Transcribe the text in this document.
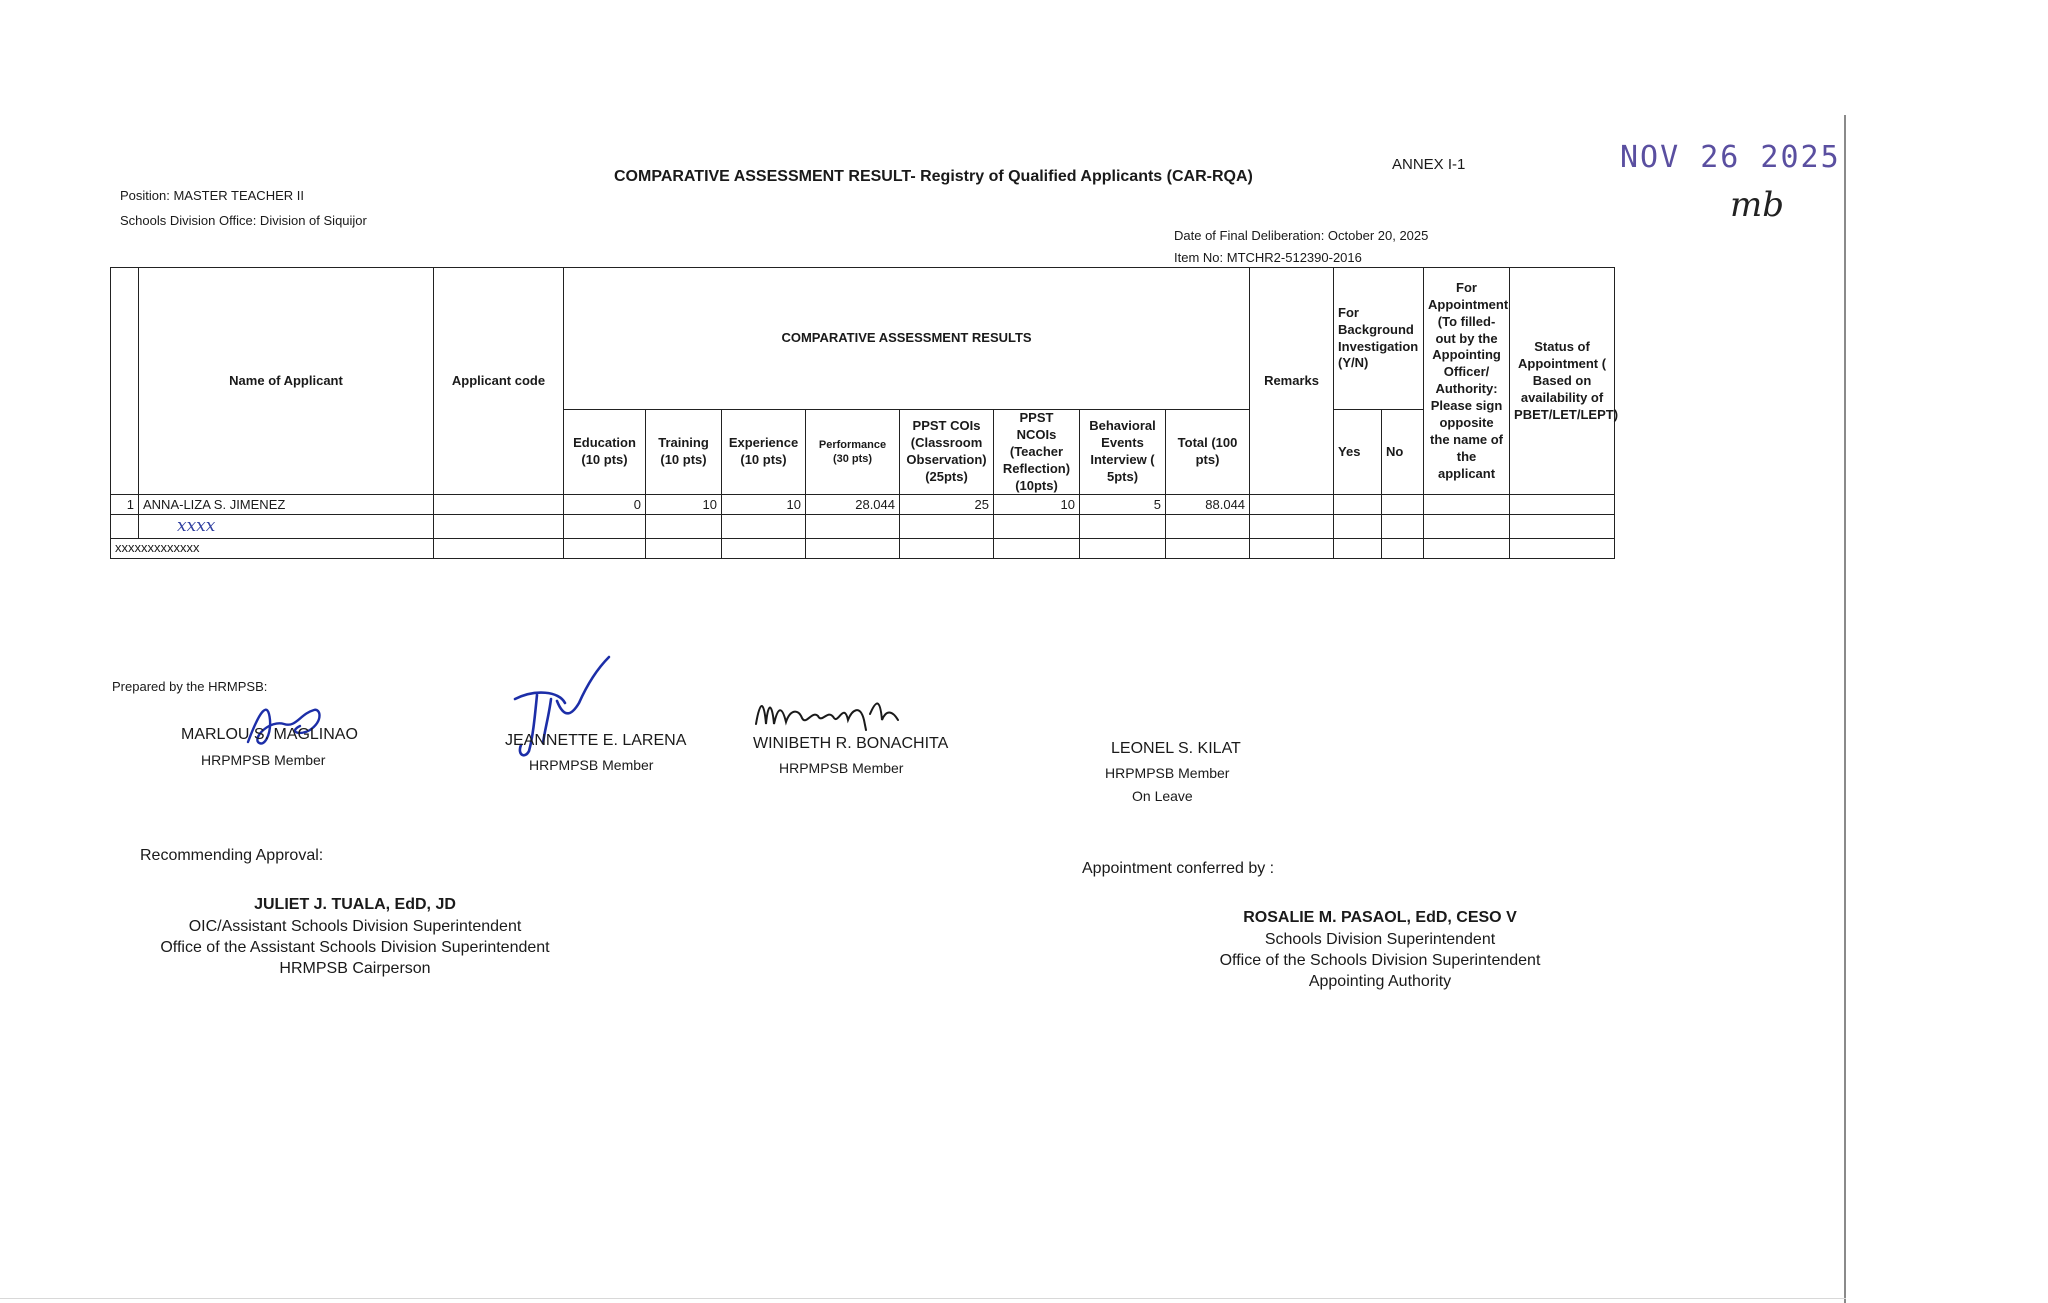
Position: MASTER TEACHER II
Schools Division Office: Division of Siquijor
COMPARATIVE ASSESSMENT RESULT- Registry of Qualified Applicants (CAR-RQA)
ANNEX I-1
Date of Final Deliberation: October 20, 2025
Item No: MTCHR2-512390-2016
NOV 26 2025
mb
	Name of Applicant	Applicant code	COMPARATIVE ASSESSMENT RESULTS								Remarks	For Background Investigation (Y/N)		For Appointment (To filled-out by the Appointing Officer/ Authority: Please sign opposite the name of the applicant	Status of Appointment ( Based on availability of PBET/LET/LEPT)
			Education (10 pts)	Training (10 pts)	Experience (10 pts)	Performance (30 pts)	PPST COIs (Classroom Observation) (25pts)	PPST NCOIs (Teacher Reflection) (10pts)	Behavioral Events Interview ( 5pts)	Total (100 pts)		Yes	No		
1	ANNA-LIZA S. JIMENEZ		0	10	10	28.044	25	10	5	88.044					
	xxxx														
xxxxxxxxxxxxx															
Prepared by the HRMPSB:
MARLOU S. MAGLINAO
HRPMPSB Member
JEANNETTE E. LARENA
HRPMPSB Member
WINIBETH R. BONACHITA
HRPMPSB Member
LEONEL S. KILAT
HRPMPSB Member
On Leave
Recommending Approval:
JULIET J. TUALA, EdD, JD
OIC/Assistant Schools Division Superintendent
Office of the Assistant Schools Division Superintendent
HRMPSB Cairperson
Appointment conferred by :
ROSALIE M. PASAOL, EdD, CESO V
Schools Division Superintendent
Office of the Schools Division Superintendent
Appointing Authority
